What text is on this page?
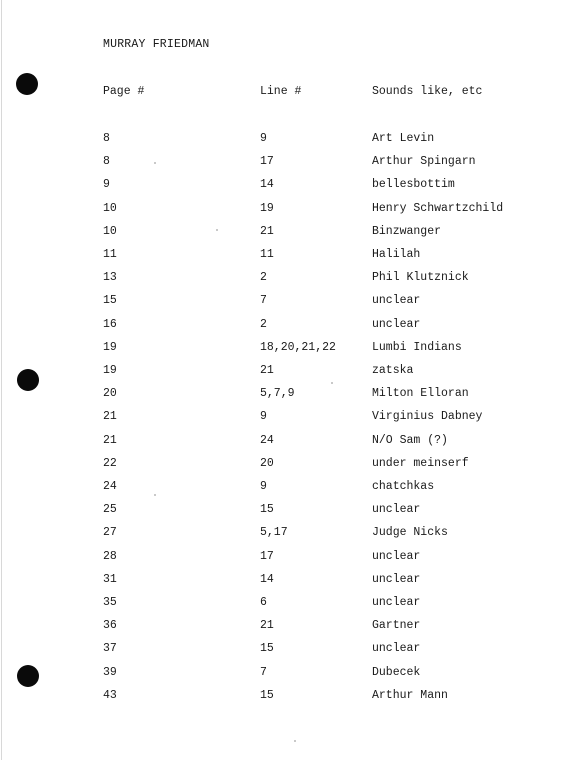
MURRAY FRIEDMAN
Page #	Line #	Sounds like, etc
8	9	Art Levin
8	17	Arthur Spingarn
9	14	bellesbottim
10	19	Henry Schwartzchild
10	21	Binzwanger
11	11	Halilah
13	2	Phil Klutznick
15	7	unclear
16	2	unclear
19	18,20,21,22	Lumbi Indians
19	21	zatska
20	5,7,9	Milton Elloran
21	9	Virginius Dabney
21	24	N/O Sam (?)
22	20	under meinserf
24	9	chatchkas
25	15	unclear
27	5,17	Judge Nicks
28	17	unclear
31	14	unclear
35	6	unclear
36	21	Gartner
37	15	unclear
39	7	Dubecek
43	15	Arthur Mann
